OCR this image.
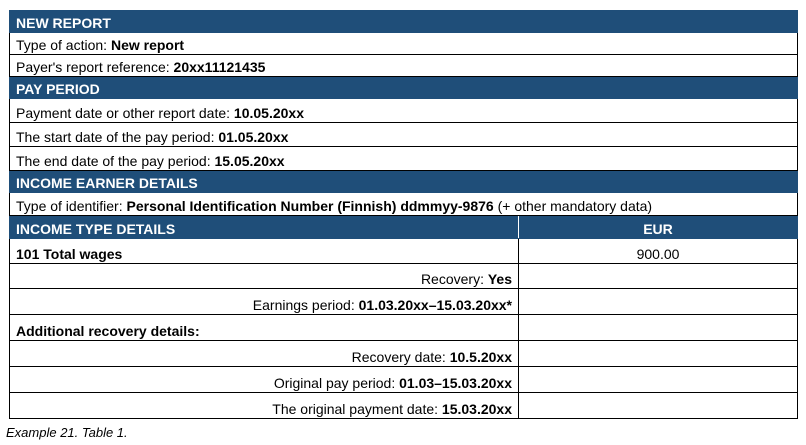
NEW REPORT	
Type of action: New report	
Payer's report reference: 20xx11121435	
PAY PERIOD	
Payment date or other report date: 10.05.20xx	
The start date of the pay period: 01.05.20xx	
The end date of the pay period: 15.05.20xx	
INCOME EARNER DETAILS	
Type of identifier: Personal Identification Number (Finnish) ddmmyy-9876 (+ other mandatory data)	
INCOME TYPE DETAILS	EUR
101 Total wages	900.00
Recovery: Yes	
Earnings period: 01.03.20xx–15.03.20xx*	
Additional recovery details:	
Recovery date: 10.5.20xx	
Original pay period: 01.03–15.03.20xx	
The original payment date: 15.03.20xx	
Example 21. Table 1.
